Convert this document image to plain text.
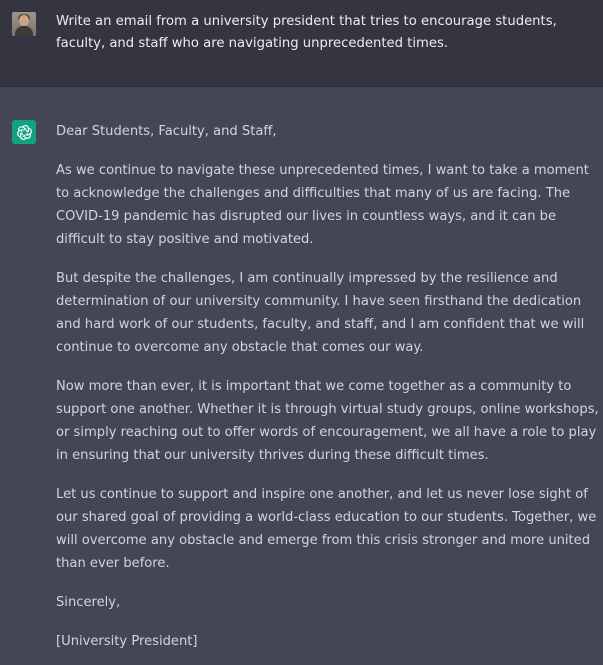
Write an email from a university president that tries to encourage students, faculty, and staff who are navigating unprecedented times.

Dear Students, Faculty, and Staff,

As we continue to navigate these unprecedented times, I want to take a moment to acknowledge the challenges and difficulties that many of us are facing. The COVID-19 pandemic has disrupted our lives in countless ways, and it can be difficult to stay positive and motivated.

But despite the challenges, I am continually impressed by the resilience and determination of our university community. I have seen firsthand the dedication and hard work of our students, faculty, and staff, and I am confident that we will continue to overcome any obstacle that comes our way.

Now more than ever, it is important that we come together as a community to support one another. Whether it is through virtual study groups, online workshops, or simply reaching out to offer words of encouragement, we all have a role to play in ensuring that our university thrives during these difficult times.

Let us continue to support and inspire one another, and let us never lose sight of our shared goal of providing a world-class education to our students. Together, we will overcome any obstacle and emerge from this crisis stronger and more united than ever before.

Sincerely,

[University President]
